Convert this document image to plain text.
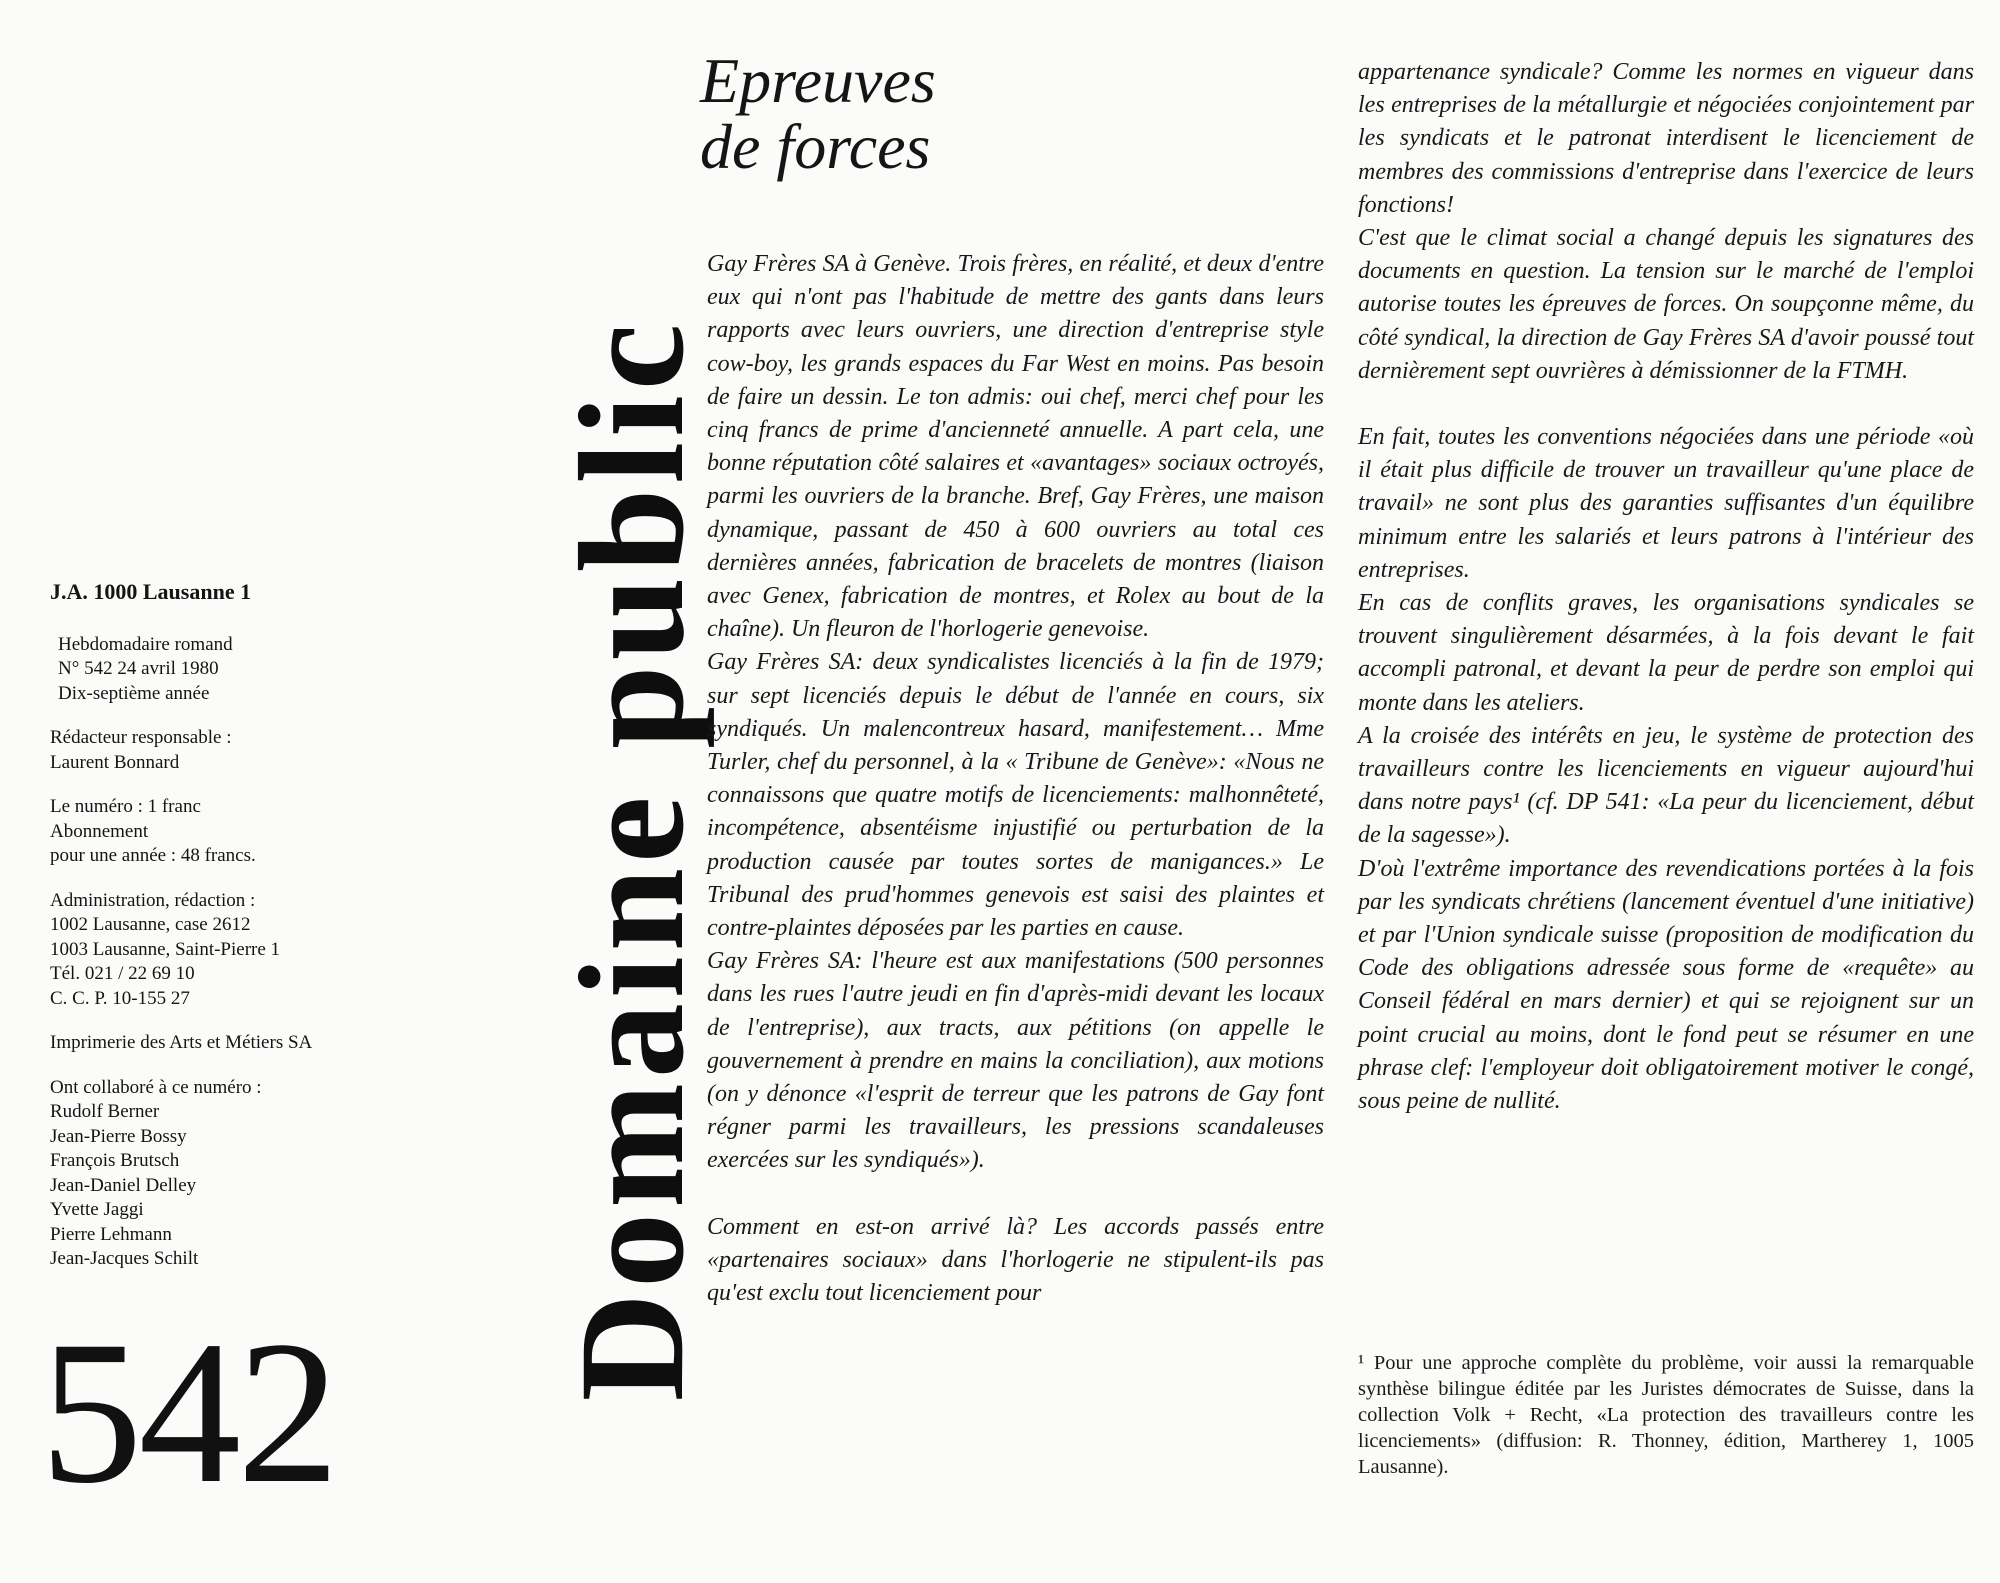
Domaine public
J.A. 1000 Lausanne 1
Hebdomadaire romand
N° 542 24 avril 1980
Dix-septième année
Rédacteur responsable :
Laurent Bonnard
Le numéro : 1 franc
Abonnement
pour une année : 48 francs.
Administration, rédaction :
1002 Lausanne, case 2612
1003 Lausanne, Saint-Pierre 1
Tél. 021 / 22 69 10
C. C. P. 10-155 27
Imprimerie des Arts et Métiers SA
Ont collaboré à ce numéro :
Rudolf Berner
Jean-Pierre Bossy
François Brutsch
Jean-Daniel Delley
Yvette Jaggi
Pierre Lehmann
Jean-Jacques Schilt
542
Epreuves
de forces

Gay Frères SA à Genève. Trois frères, en réalité, et deux d'entre eux qui n'ont pas l'habitude de mettre des gants dans leurs rapports avec leurs ouvriers, une direction d'entreprise style cow-boy, les grands espaces du Far West en moins. Pas besoin de faire un dessin. Le ton admis: oui chef, merci chef pour les cinq francs de prime d'ancienneté annuelle. A part cela, une bonne réputation côté salaires et «avantages» sociaux octroyés, parmi les ouvriers de la branche. Bref, Gay Frères, une maison dynamique, passant de 450 à 600 ouvriers au total ces dernières années, fabrication de bracelets de montres (liaison avec Genex, fabrication de montres, et Rolex au bout de la chaîne). Un fleuron de l'horlogerie genevoise.

Gay Frères SA: deux syndicalistes licenciés à la fin de 1979; sur sept licenciés depuis le début de l'année en cours, six syndiqués. Un malencontreux hasard, manifestement… Mme Turler, chef du personnel, à la « Tribune de Genève»: «Nous ne connaissons que quatre motifs de licenciements: malhonnêteté, incompétence, absentéisme injustifié ou perturbation de la production causée par toutes sortes de manigances.» Le Tribunal des prud'hommes genevois est saisi des plaintes et contre-plaintes déposées par les parties en cause.

Gay Frères SA: l'heure est aux manifestations (500 personnes dans les rues l'autre jeudi en fin d'après-midi devant les locaux de l'entreprise), aux tracts, aux pétitions (on appelle le gouvernement à prendre en mains la conciliation), aux motions (on y dénonce «l'esprit de terreur que les patrons de Gay font régner parmi les travailleurs, les pressions scandaleuses exercées sur les syndiqués»).

Comment en est-on arrivé là? Les accords passés entre «partenaires sociaux» dans l'horlogerie ne stipulent-ils pas qu'est exclu tout licenciement pour

appartenance syndicale? Comme les normes en vigueur dans les entreprises de la métallurgie et négociées conjointement par les syndicats et le patronat interdisent le licenciement de membres des commissions d'entreprise dans l'exercice de leurs fonctions!

C'est que le climat social a changé depuis les signatures des documents en question. La tension sur le marché de l'emploi autorise toutes les épreuves de forces. On soupçonne même, du côté syndical, la direction de Gay Frères SA d'avoir poussé tout dernièrement sept ouvrières à démissionner de la FTMH.

En fait, toutes les conventions négociées dans une période «où il était plus difficile de trouver un travailleur qu'une place de travail» ne sont plus des garanties suffisantes d'un équilibre minimum entre les salariés et leurs patrons à l'intérieur des entreprises.

En cas de conflits graves, les organisations syndicales se trouvent singulièrement désarmées, à la fois devant le fait accompli patronal, et devant la peur de perdre son emploi qui monte dans les ateliers.

A la croisée des intérêts en jeu, le système de protection des travailleurs contre les licenciements en vigueur aujourd'hui dans notre pays¹ (cf. DP 541: «La peur du licenciement, début de la sagesse»).

D'où l'extrême importance des revendications portées à la fois par les syndicats chrétiens (lancement éventuel d'une initiative) et par l'Union syndicale suisse (proposition de modification du Code des obligations adressée sous forme de «requête» au Conseil fédéral en mars dernier) et qui se rejoignent sur un point crucial au moins, dont le fond peut se résumer en une phrase clef: l'employeur doit obligatoirement motiver le congé, sous peine de nullité.

¹ Pour une approche complète du problème, voir aussi la remarquable synthèse bilingue éditée par les Juristes démocrates de Suisse, dans la collection Volk + Recht, «La protection des travailleurs contre les licenciements» (diffusion: R. Thonney, édition, Martherey 1, 1005 Lausanne).
